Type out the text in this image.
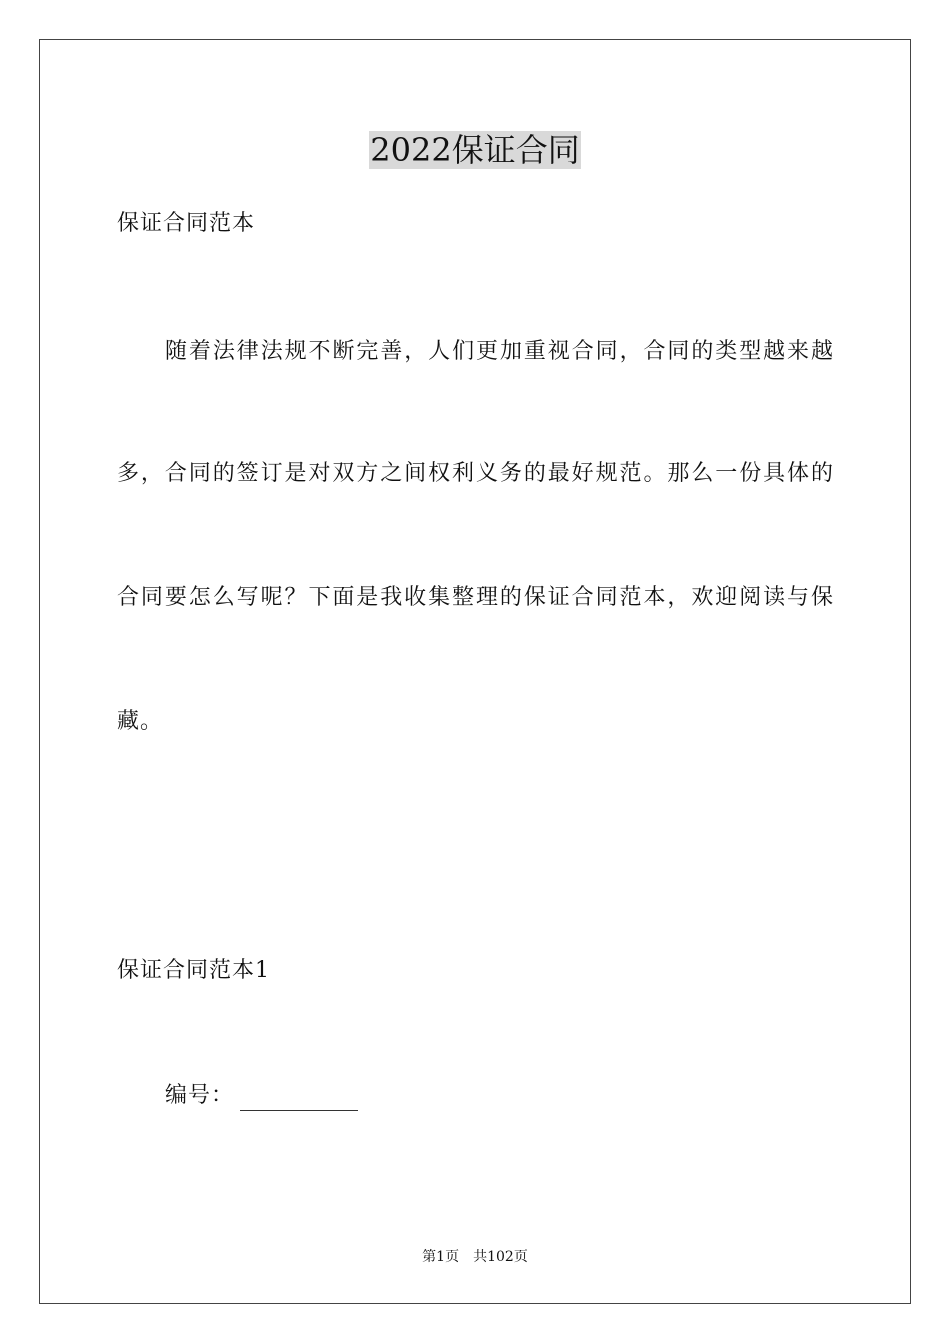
2022保证合同
保证合同范本
随着法律法规不断完善，人们更加重视合同，合同的类型越来越
多，合同的签订是对双方之间权利义务的最好规范。那么一份具体的
合同要怎么写呢？下面是我收集整理的保证合同范本，欢迎阅读与保
藏。
保证合同范本1
编号：
第1页 共102页
